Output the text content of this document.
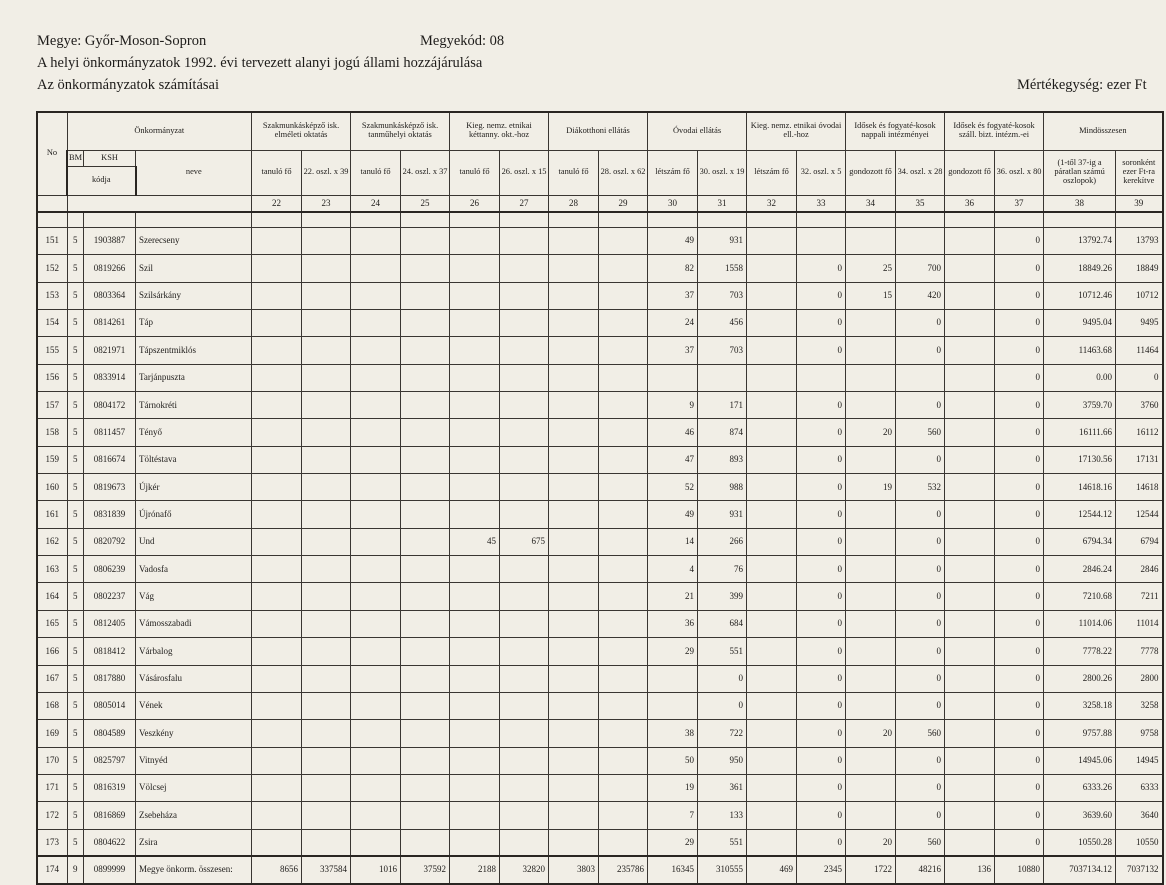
Megye: Győr-Moson-Sopron	Megyekód: 08
A helyi önkormányzatok 1992. évi tervezett alanyi jogú állami hozzájárulása
Az önkormányzatok számításai	Mértékegység: ezer Ft
No	Önkormányzat			Szakmunkásképző isk. elméleti oktatás		Szakmunkásképző isk. tanműhelyi oktatás		Kieg. nemz. etnikai kéttanny. okt.-hoz		Diákotthoni ellátás		Óvodai ellátás		Kieg. nemz. etnikai óvodai ell.-hoz		Idősek és fogyaté-kosok nappali intézményei		Idősek és fogyaté-kosok száll. bizt. intézm.-ei		Mindösszesen	
	BM	KSH	neve	tanuló fő	22. oszl. x 39	tanuló fő	24. oszl. x 37	tanuló fő	26. oszl. x 15	tanuló fő	28. oszl. x 62	létszám fő	30. oszl. x 19	létszám fő	32. oszl. x 5	gondozott fő	34. oszl. x 28	gondozott fő	36. oszl. x 80	(1-től 37-ig a páratlan számú oszlopok)	soronként ezer Ft-ra kerekítve
	kódja																				
				22	23	24	25	26	27	28	29	30	31	32	33	34	35	36	37	38	39

151	5	1903887	Szerecseny									49	931						0	13792.74	13793
152	5	0819266	Szil									82	1558		0	25	700		0	18849.26	18849
153	5	0803364	Szilsárkány									37	703		0	15	420		0	10712.46	10712
154	5	0814261	Táp									24	456		0		0		0	9495.04	9495
155	5	0821971	Tápszentmiklós									37	703		0		0		0	11463.68	11464
156	5	0833914	Tarjánpuszta																0	0.00	0
157	5	0804172	Tárnokréti									9	171		0		0		0	3759.70	3760
158	5	0811457	Tényő									46	874		0	20	560		0	16111.66	16112
159	5	0816674	Töltéstava									47	893		0		0		0	17130.56	17131
160	5	0819673	Újkér									52	988		0	19	532		0	14618.16	14618
161	5	0831839	Újrónafő									49	931		0		0		0	12544.12	12544
162	5	0820792	Und					45	675			14	266		0		0		0	6794.34	6794
163	5	0806239	Vadosfa									4	76		0		0		0	2846.24	2846
164	5	0802237	Vág									21	399		0		0		0	7210.68	7211
165	5	0812405	Vámosszabadi									36	684		0		0		0	11014.06	11014
166	5	0818412	Várbalog									29	551		0		0		0	7778.22	7778
167	5	0817880	Vásárosfalu										0		0		0		0	2800.26	2800
168	5	0805014	Vének										0		0		0		0	3258.18	3258
169	5	0804589	Veszkény									38	722		0	20	560		0	9757.88	9758
170	5	0825797	Vitnyéd									50	950		0		0		0	14945.06	14945
171	5	0816319	Völcsej									19	361		0		0		0	6333.26	6333
172	5	0816869	Zsebeháza									7	133		0		0		0	3639.60	3640
173	5	0804622	Zsira									29	551		0	20	560		0	10550.28	10550
174	9	0899999	Megye önkorm. összesen:	8656	337584	1016	37592	2188	32820	3803	235786	16345	310555	469	2345	1722	48216	136	10880	7037134.12	7037132
